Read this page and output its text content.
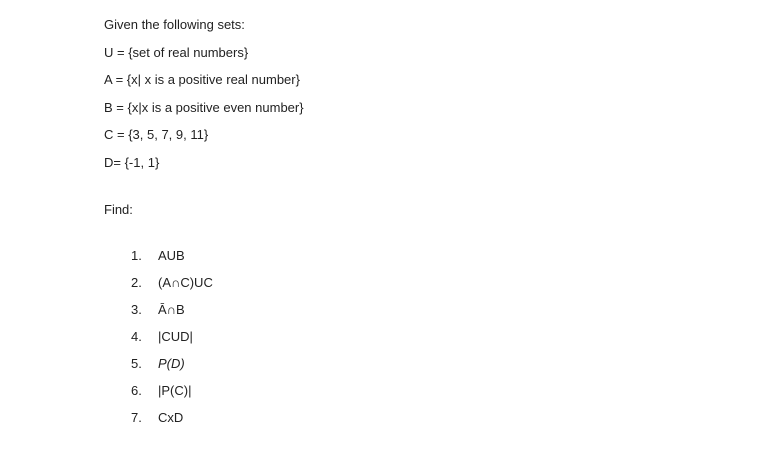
Given the following sets:
U = {set of real numbers}
A = {x| x is a positive real number}
B = {x|x is a positive even number}
C = {3, 5, 7, 9, 11}
D= {-1, 1}
Find:
1. AUB
2. (A∩C)UC
3. Ā∩B
4. |CUD|
5. P(D)
6. |P(C)|
7. CxD
